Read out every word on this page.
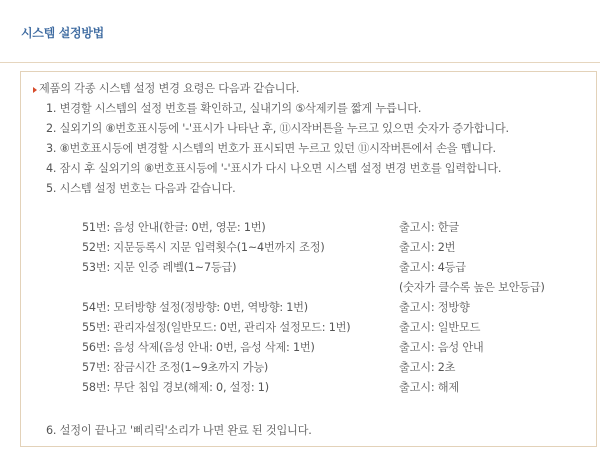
시스템 설정방법
제품의 각종 시스템 설정 변경 요령은 다음과 같습니다.
1. 변경할 시스템의 설정 번호를 확인하고, 실내기의 ⑤삭제키를 짧게 누릅니다.
2. 실외기의 ⑧번호표시등에 '-'표시가 나타난 후, ⑪시작버튼을 누르고 있으면 숫자가 증가합니다.
3. ⑧번호표시등에 변경할 시스템의 번호가 표시되면 누르고 있던 ⑪시작버튼에서 손을 뗍니다.
4. 잠시 후 실외기의 ⑧번호표시등에 '-'표시가 다시 나오면 시스템 설정 변경 번호를 입력합니다.
5. 시스템 설정 번호는 다음과 같습니다.
51번: 음성 안내(한글: 0번, 영문: 1번)	출고시: 한글
52번: 지문등록시 지문 입력횟수(1~4번까지 조정)	출고시: 2번
53번: 지문 인증 레벨(1~7등급)	출고시: 4등급
(숫자가 클수록 높은 보안등급)
54번: 모터방향 설정(정방향: 0번, 역방향: 1번)	출고시: 정방향
55번: 관리자설정(일반모드: 0번, 관리자 설정모드: 1번)	출고시: 일반모드
56번: 음성 삭제(음성 안내: 0번, 음성 삭제: 1번)	출고시: 음성 안내
57번: 잠금시간 조정(1~9초까지 가능)	출고시: 2초
58번: 무단 침입 경보(해제: 0, 설정: 1)	출고시: 해제
6. 설정이 끝나고 '삐리릭'소리가 나면 완료 된 것입니다.
